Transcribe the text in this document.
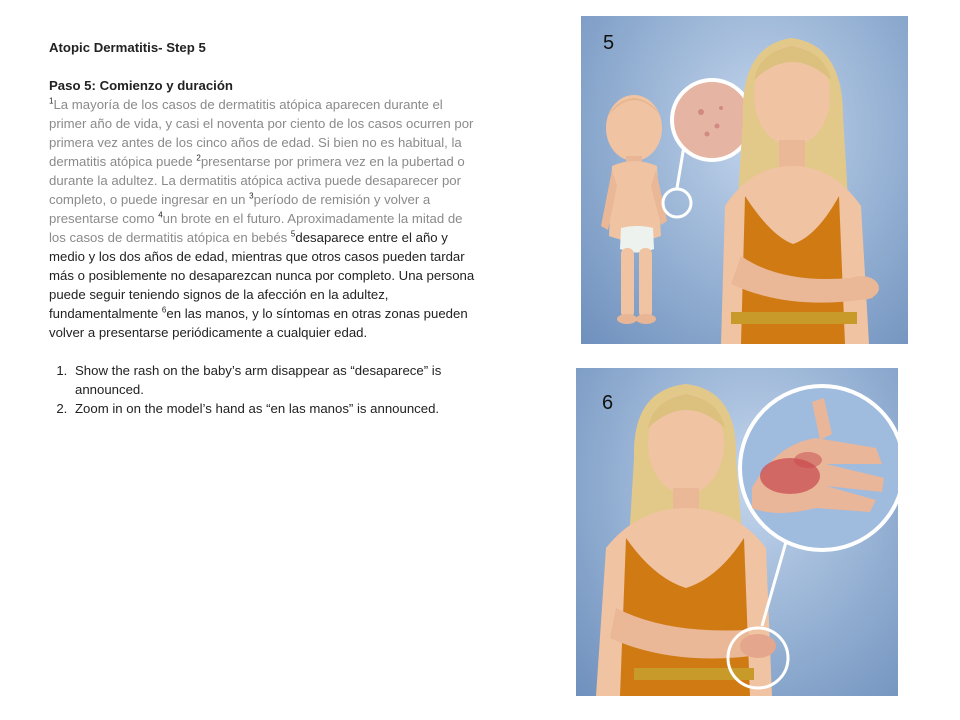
Atopic Dermatitis- Step 5

Paso 5: Comienzo y duración

$^1$La mayoría de los casos de dermatitis atópica aparecen durante el primer año de vida, y casi el noventa por ciento de los casos ocurren por primera vez antes de los cinco años de edad. Si bien no es habitual, la dermatitis atópica puede $^2$presentarse por primera vez en la pubertad o durante la adultez. La dermatitis atópica activa puede desaparecer por completo, o puede ingresar en un $^3$período de remisión y volver a presentarse como $^4$un brote en el futuro. Aproximadamente la mitad de los casos de dermatitis atópica en bebés $^5$desaparece entre el año y medio y los dos años de edad, mientras que otros casos pueden tardar más o posiblemente no desaparezcan nunca por completo. Una persona puede seguir teniendo signos de la afección en la adultez, fundamentalmente $^6$en las manos, y lo síntomas en otras zonas pueden volver a presentarse periódicamente a cualquier edad.

1. Show the rash on the baby’s arm disappear as “desaparece” is announced.
2. Zoom in on the model’s hand as “en las manos” is announced.
5
6
